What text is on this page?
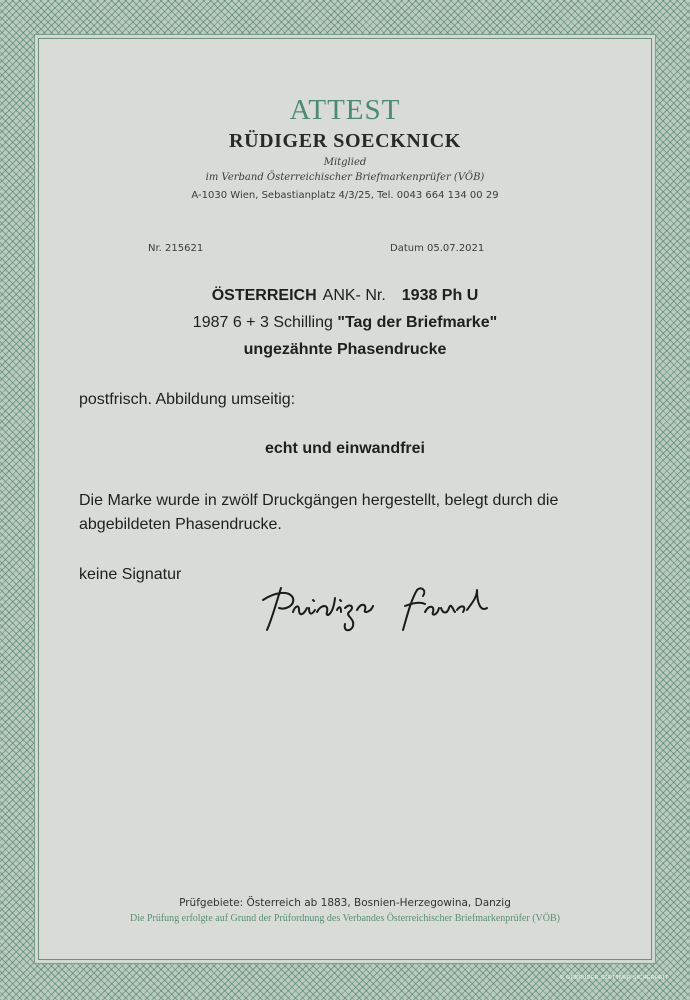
ATTEST
RÜDIGER SOECKNICK
Mitglied
im Verband Österreichischer Briefmarkenprüfer (VÖB)
A-1030 Wien, Sebastianplatz 4/3/25, Tel. 0043 664 134 00 29
Nr. 215621	Datum 05.07.2021
ÖSTERREICH ANK- Nr. 1938 Ph U
1987 6 + 3 Schilling "Tag der Briefmarke"
ungezähnte Phasendrucke
postfrisch. Abbildung umseitig:
echt und einwandfrei
Die Marke wurde in zwölf Druckgängen hergestellt, belegt durch die
abgebildeten Phasendrucke.
keine Signatur
Prüfgebiete: Österreich ab 1883, Bosnien-Herzegowina, Danzig
Die Prüfung erfolgte auf Grund der Prüfordnung des Verbandes Österreichischer Briefmarkenprüfer (VÖB)
© GEBRÜDER STETTNER SICHERHEIT
